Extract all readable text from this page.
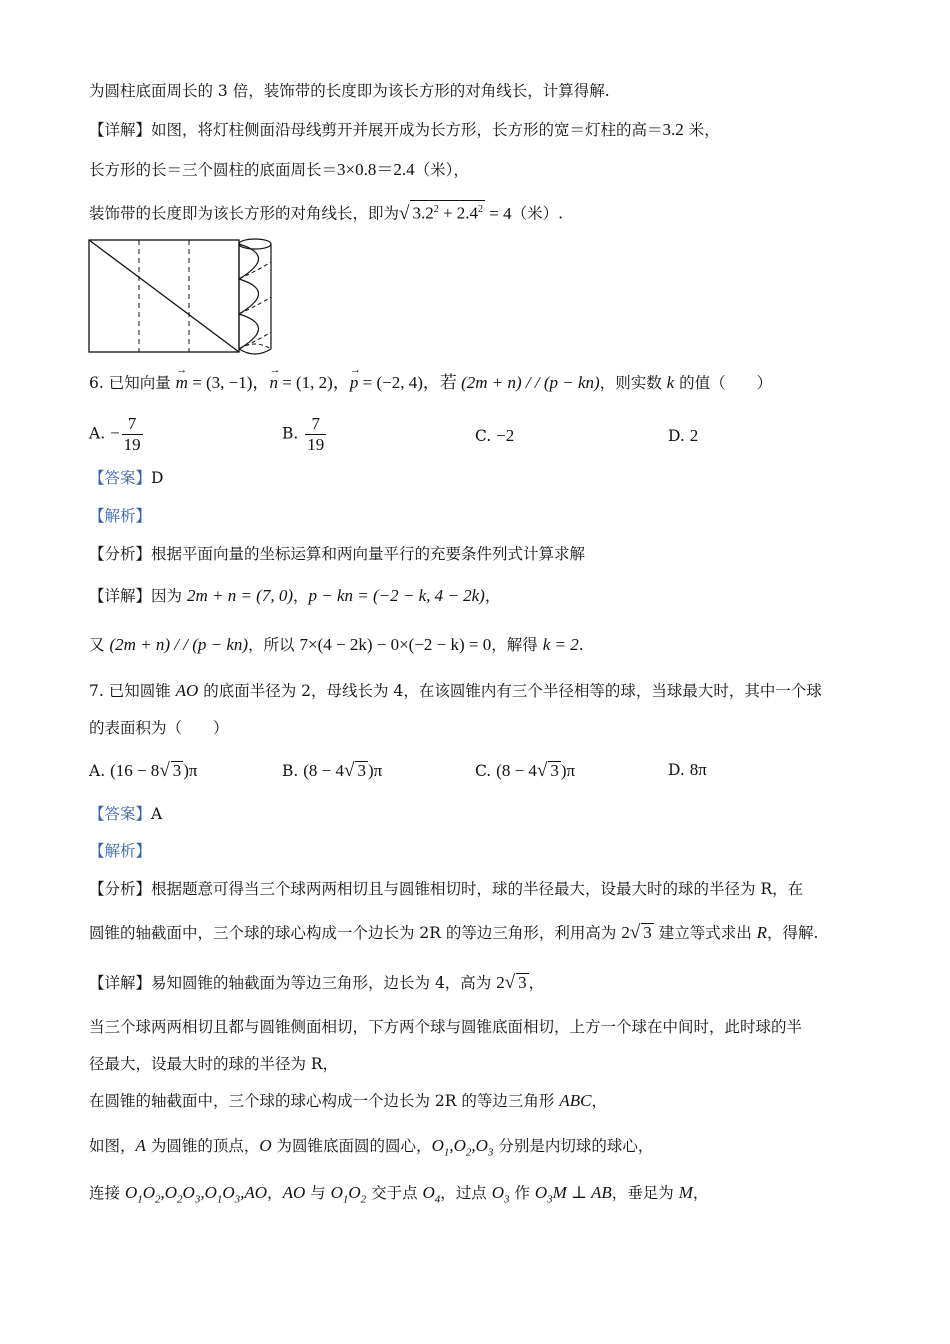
为圆柱底面周长的 3 倍，装饰带的长度即为该长方形的对角线长，计算得解.
【详解】如图，将灯柱侧面沿母线剪开并展开成为长方形，长方形的宽＝灯柱的高＝3.2 米，
长方形的长＝三个圆柱的底面周长＝3×0.8＝2.4（米），
装饰带的长度即为该长方形的对角线长，即为√ $3.2^2 + 2.4^2 = 4$（米）.
6. 已知向量 → m = (3, −1)，→ n = (1, 2)，→ p = (−2, 4)，若 (2m + n) / / (p − kn)，则实数 k 的值（　　）
A. − $\frac{7}{19}$	B. $\frac{7}{19}$	C. −2	D. 2
【答案】D
【解析】
【分析】根据平面向量的坐标运算和两向量平行的充要条件列式计算求解
【详解】因为 2m + n = (7, 0)，p − kn = (−2 − k, 4 − 2k)，
又 (2m + n) / / (p − kn)，所以 7×(4 − 2k) − 0×(−2 − k) = 0，解得 k = 2.
7. 已知圆锥 AO 的底面半径为 2，母线长为 4，在该圆锥内有三个半径相等的球，当球最大时，其中一个球
的表面积为（　　）
A. (16 − 8√ 3 )π	B. (8 − 4√ 3 )π	C. (8 − 4√ 3 )π	D. 8π
【答案】A
【解析】
【分析】根据题意可得当三个球两两相切且与圆锥相切时，球的半径最大，设最大时的球的半径为 R，在
圆锥的轴截面中，三个球的球心构成一个边长为 2R 的等边三角形，利用高为 2√ 3 建立等式求出 R，得解.
【详解】易知圆锥的轴截面为等边三角形，边长为 4，高为 2√ 3 ，
当三个球两两相切且都与圆锥侧面相切，下方两个球与圆锥底面相切，上方一个球在中间时，此时球的半
径最大，设最大时的球的半径为 R，
在圆锥的轴截面中，三个球的球心构成一个边长为 2R 的等边三角形 ABC，
如图，A 为圆锥的顶点，O 为圆锥底面圆的圆心，$O_1,O_2,O_3$ 分别是内切球的球心，
连接 $O_1O_2,O_2O_3,O_1O_3,AO$，AO 与 $O_1O_2$ 交于点 $O_4$，过点 $O_3$ 作 $O_3M$ ⊥ AB，垂足为 M，
